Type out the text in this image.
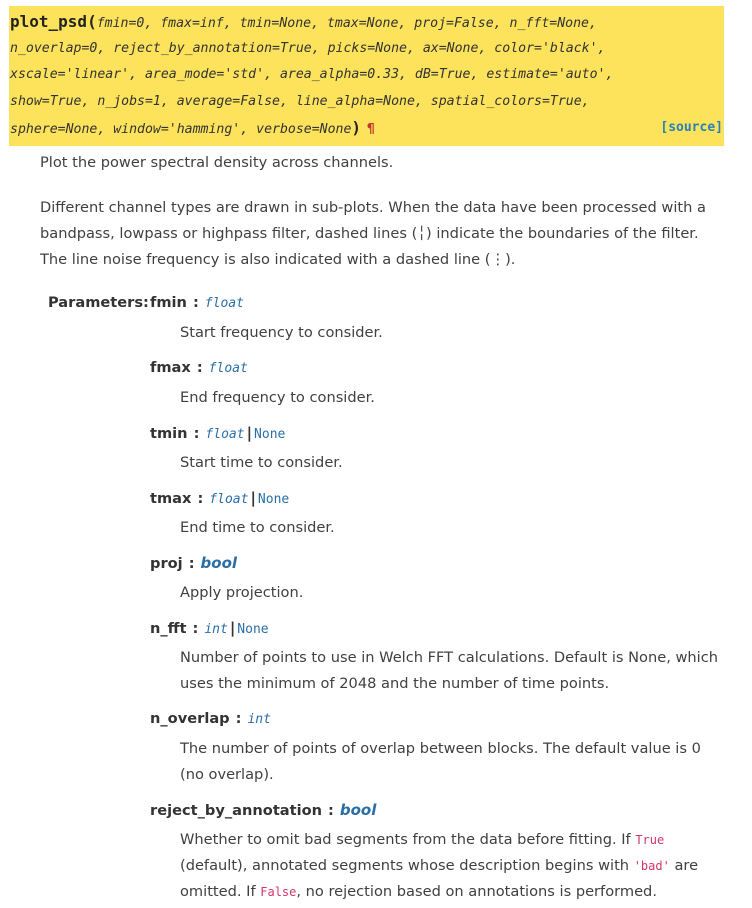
plot_psd(fmin=0, fmax=inf, tmin=None, tmax=None, proj=False, n_fft=None,
n_overlap=0, reject_by_annotation=True, picks=None, ax=None, color='black',
xscale='linear', area_mode='std', area_alpha=0.33, dB=True, estimate='auto',
show=True, n_jobs=1, average=False, line_alpha=None, spatial_colors=True,
sphere=None, window='hamming', verbose=None) ¶	[source]
Plot the power spectral density across channels.
Different channel types are drawn in sub-plots. When the data have been processed with a bandpass, lowpass or highpass filter, dashed lines (╎) indicate the boundaries of the filter. The line noise frequency is also indicated with a dashed line (⋮).
Parameters: fmin : float
Start frequency to consider.
fmax : float
End frequency to consider.
tmin : float | None
Start time to consider.
tmax : float | None
End time to consider.
proj : bool
Apply projection.
n_fft : int | None
Number of points to use in Welch FFT calculations. Default is None, which uses the minimum of 2048 and the number of time points.
n_overlap : int
The number of points of overlap between blocks. The default value is 0 (no overlap).
reject_by_annotation : bool
Whether to omit bad segments from the data before fitting. If True (default), annotated segments whose description begins with 'bad' are omitted. If False, no rejection based on annotations is performed.
